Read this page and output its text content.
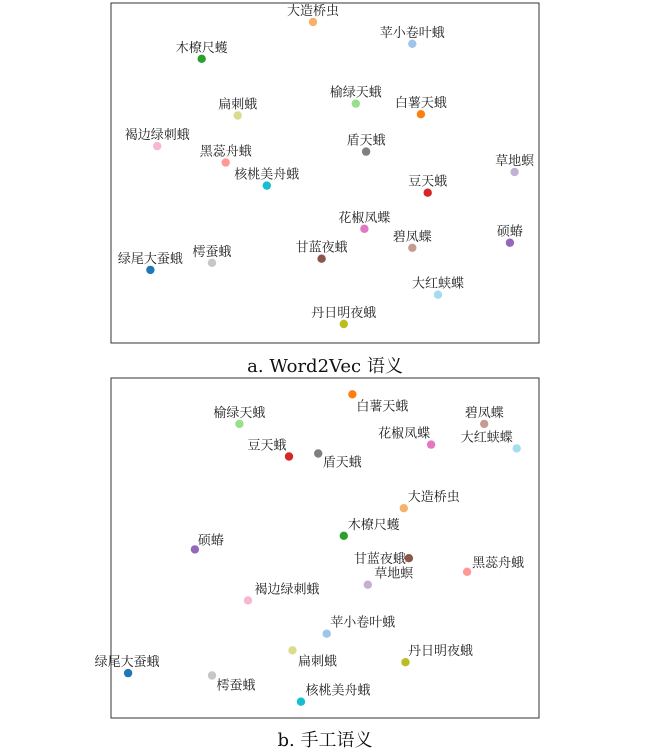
大造桥虫
苹小卷叶蛾
木橑尺蠖
榆绿天蛾
白薯天蛾
扁刺蛾
褐边绿刺蛾
黑蕊舟蛾
盾天蛾
核桃美舟蛾
草地螟
豆天蛾
花椒凤蝶
碧凤蝶	硕蝽
甘蓝夜蛾
绿尾大蚕蛾 樗蚕蛾
大红蛱蝶
丹日明夜蛾
a. Word2Vec 语义
白薯天蛾
榆绿天蛾	碧凤蝶
花椒凤蝶 大红蛱蝶
豆天蛾
盾天蛾
大造桥虫
木橑尺蠖
硕蝽
甘蓝夜蛾	黑蕊舟蛾
草地螟
褐边绿刺蛾
苹小卷叶蛾
扁刺蛾
丹日明夜蛾
绿尾大蚕蛾
樗蚕蛾	核桃美舟蛾
b. 手工语义
